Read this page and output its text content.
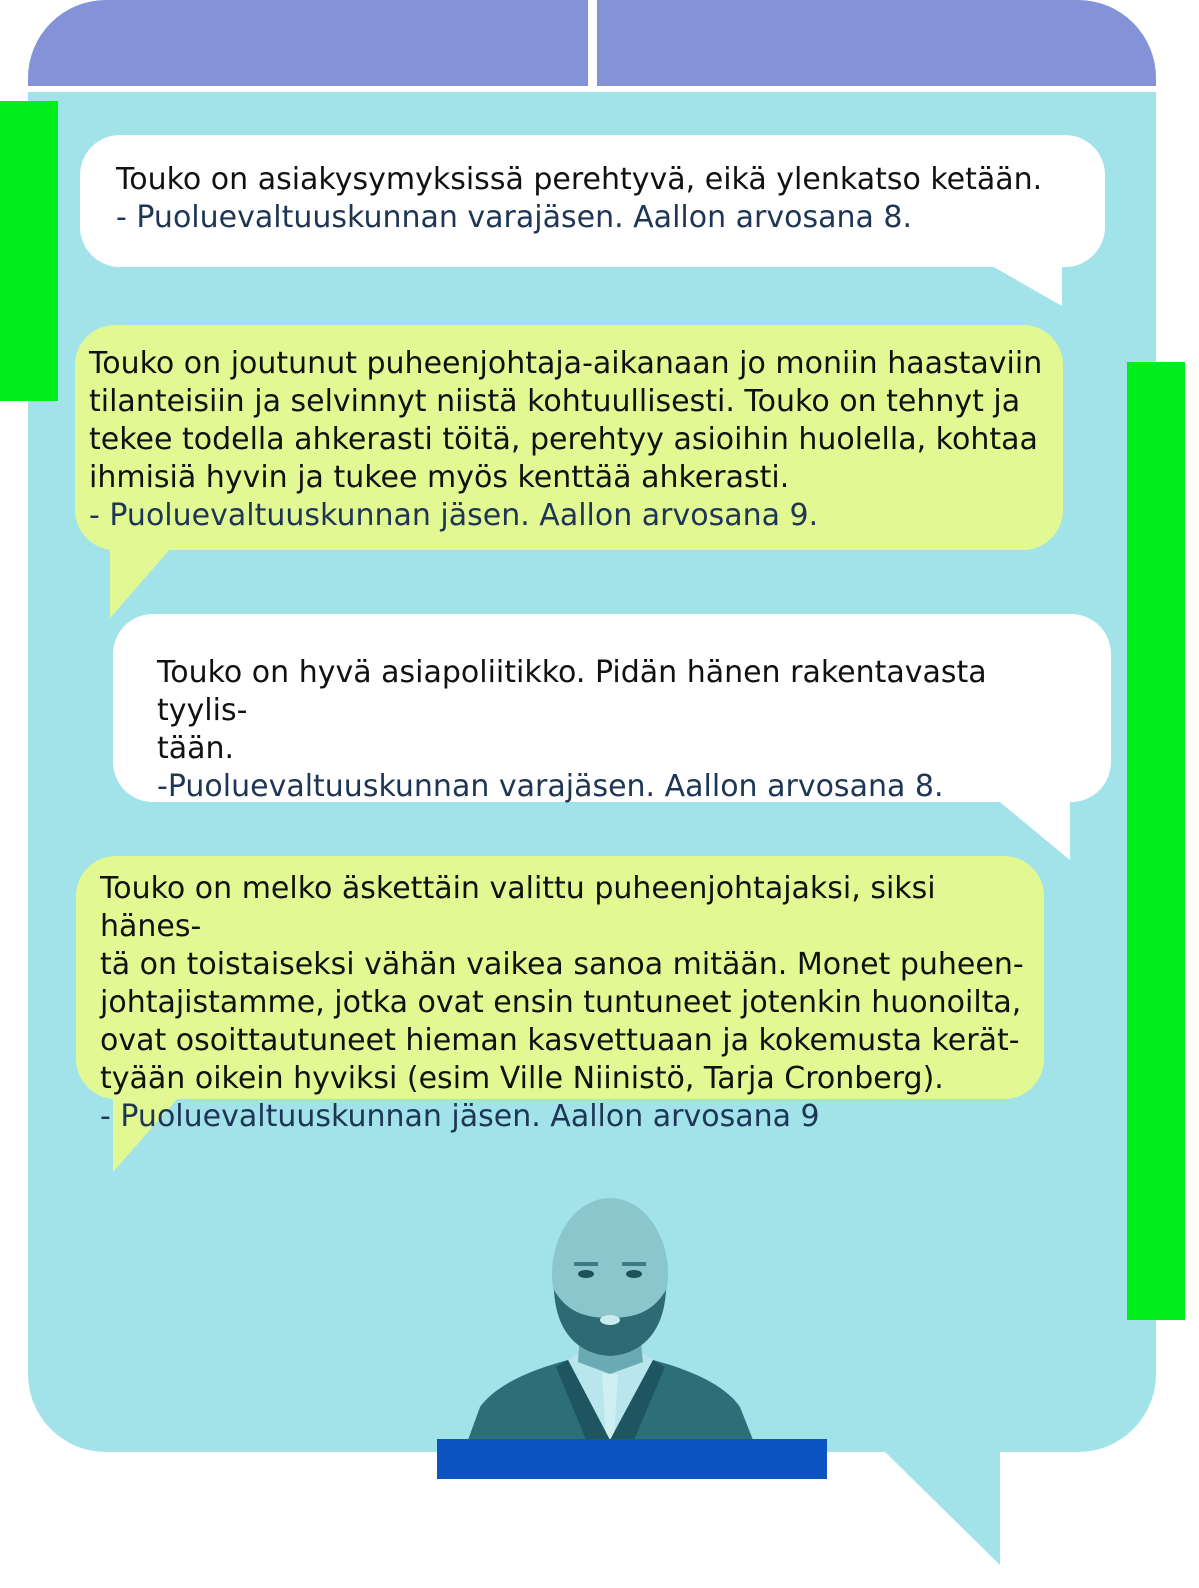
Touko on asiakysymyksissä perehtyvä, eikä ylenkatso ketään.
- Puoluevaltuuskunnan varajäsen. Aallon arvosana 8.
Touko on joutunut puheenjohtaja-aikanaan jo moniin haastaviin
tilanteisiin ja selvinnyt niistä kohtuullisesti. Touko on tehnyt ja
tekee todella ahkerasti töitä, perehtyy asioihin huolella, kohtaa
ihmisiä hyvin ja tukee myös kenttää ahkerasti.
- Puoluevaltuuskunnan jäsen. Aallon arvosana 9.
Touko on hyvä asiapoliitikko. Pidän hänen rakentavasta tyylis-
tään.
-Puoluevaltuuskunnan varajäsen. Aallon arvosana 8.
Touko on melko äskettäin valittu puheenjohtajaksi, siksi hänes-
tä on toistaiseksi vähän vaikea sanoa mitään. Monet puheen-
johtajistamme, jotka ovat ensin tuntuneet jotenkin huonoilta,
ovat osoittautuneet hieman kasvettuaan ja kokemusta kerät-
tyään oikein hyviksi (esim Ville Niinistö, Tarja Cronberg).
- Puoluevaltuuskunnan jäsen. Aallon arvosana 9
